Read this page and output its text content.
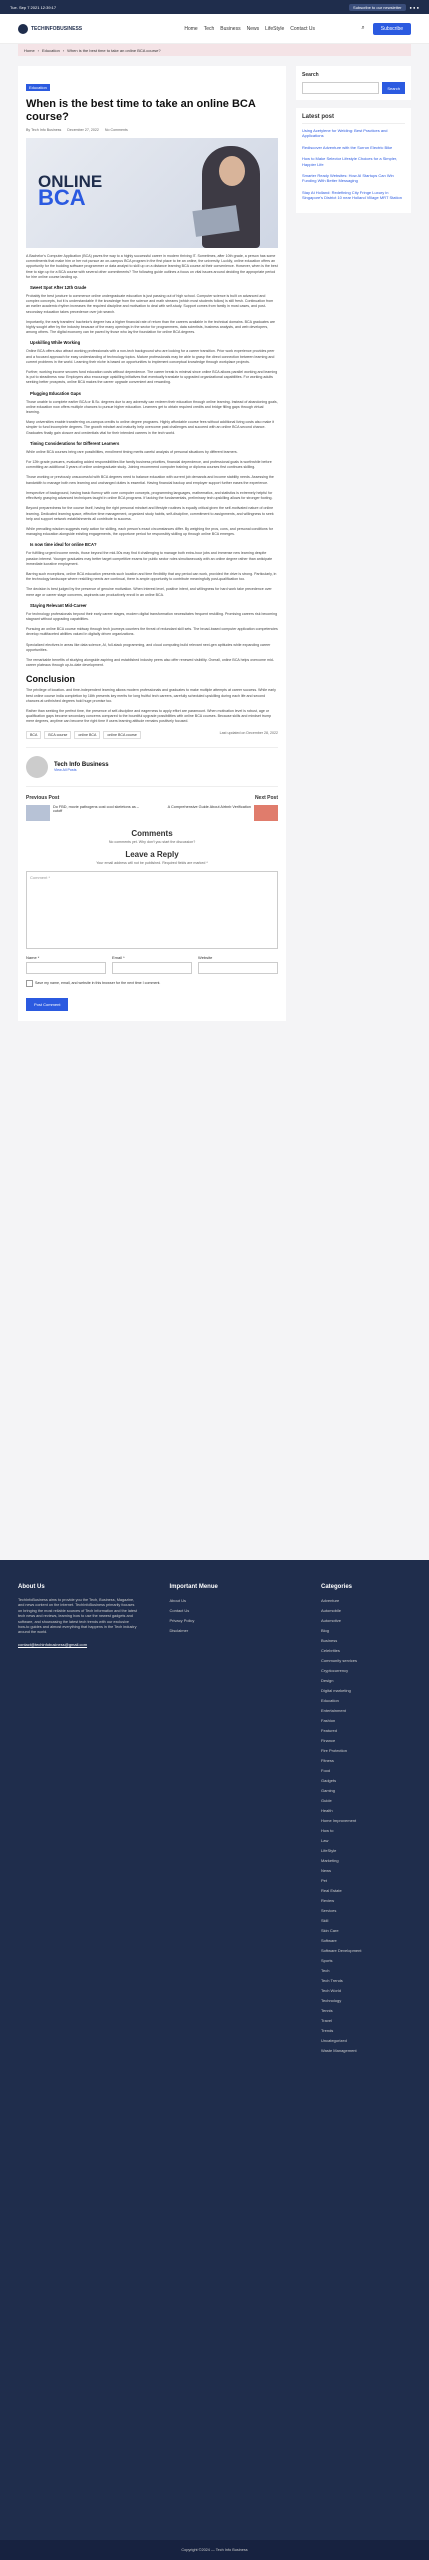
Tue. Sep 7 2021 12:39:17	Subscribe to our newsletter	● ● ●
TECHINFOBUSINESS	Home Tech Business News LifeStyle Contact Us	⌕	Subscribe
Home › Education › When is the best time to take an online BCA course?
Education
When is the best time to take an online BCA course?
By Tech Info Business December 27, 2022 No Comments
ONLINE
BCA

A Bachelor's Computer Application (BCA) paves the way to a highly successful career in modern thriving IT. Sometimes, after 10th grade, a person has some commitments that make him or her not pursue an on-campus BCA program in the first place to be an online, the university. Luckily, online education offers an opportunity for the budding software programmer or data analyst to skill up on a distance learning BCA course at their convenience. However, when is the best time to sign up for a BCA course with several other commitments? The following guide outlines a focus on vital issues around deciding the appropriate period for hire online course landing up.

Sweet Spot After 12th Grade

Probably the best juncture to commence online undergraduate education is just passing out of high school. Computer science is built on advanced and complex concepts, but it is understandable if the knowledge from the science and math streams (which most students follow) is still fresh. Continuation from an earlier academic rhythm increases the required discipline and motivation to deal with self-study. Support comes from family in most cases, and post-secondary education takes precedence over job search.

Importantly, the early transfers' bachelor's degree has a higher financial rate of return than the careers available in the technical domains. BCA graduates are highly sought after by the industry because of the many openings in the sector for programmers, data scientists, business analysts, and web developers, among others. The digital economy can be paved by those who lay the foundation for online BCA degrees.

Upskilling While Working

Online BCA offers also attract working professionals with a non-tech background who are looking for a career transition. Prior work experience provides peer and a focused approach for easy understanding of technology topics. Mature professionals may be able to grasp the direct connection between learning and current problems in the world. Learning their niche is based on opportunities to implement conceptual knowledge through workplace projects.

Further, working income secures fund education costs without dependence. The career break is minimal since online BCA allows parallel working and learning is put to steadiness now. Employers also encourage upskilling initiatives that eventually translate to upgraded organizational capabilities. For working adults seeking better prospects, online BCA makes the career upgrade convenient and rewarding.

Plugging Education Gaps

Those unable to complete earlier BCA or B.Sc. degrees due to any adversity can redeem their education through online learning. Instead of abandoning goals, online education now offers multiple chances to pursue higher education. Learners get to obtain required credits and bridge filling gaps through virtual learning.

Many universities enable transferring on-campus credits to online degree programs. Highly affordable course fees without additional living costs also make it simpler to fund incomplete degrees. The growth mindset and maturity help overcome past challenges and succeed with an online BCA second chance. Graduates finally gain closure and credentials vital for their intended careers in the tech world.

Timing Considerations for Different Learners

While online BCA courses bring rare possibilities, enrollment timing merits careful analysis of personal situations by different learners.

For 12th grade pursuers, evaluating added responsibilities like family business priorities, financial dependence, and professional goals is worthwhile before committing an additional 3 years of online undergraduate study. Joining recommend computer training or diploma courses first continues skilling.

Those working or previously unsuccessful with BCA degrees need to balance education with current job demands and income stability needs. Assessing the bandwidth to manage both new learning and unchanged duties is essential. Having financial backup and employer support further eases the experience.

Irrespective of background, having basic fluency with core computer concepts, programming languages, mathematics, and statistics is extremely helpful for effectively grasping advanced techniques taught in online BCA programs. If lacking the fundamentals, preliminary tech upskilling allows for stronger footing.

Beyond preparedness for the course itself, having the right personal mindset and lifestyle routines is equally critical given the self-motivated nature of online learning. Dedicated learning space, effective time management, organized study habits, self-discipline, commitment to assignments, and willingness to seek help and support network establishments all contribute to success.

While prevailing wisdom suggests early action for skilling, each person's exact circumstances differ. By weighing the pros, cons, and personal conditions for managing education alongside existing engagements, the opportune period for responsibly skilling up through online BCA emerges.

Is now time ideal for online BCA?

For fulfilling urgent income needs, those beyond the mid-50s may find it challenging to manage both extra-hour jobs and immense new learning despite passion interest. Younger graduates may better target competitive exams for public sector roles simultaneously with an online degree rather than anticipate immediate lucrative employment.

Barring such exceptions, online BCA education presents such location and time flexibility that any period can work, provided the drive is strong. Particularly, in the technology landscape where reskilling needs are continual, there is ample opportunity to contribute meaningfully post-qualification too.

The decision is best judged by the presence of genuine motivation. When interest level, positive intent, and willingness for hard work take precedence over mere age or career stage concerns, aspirants can productively enroll in an online BCA.

Staying Relevant Mid-Career

For technology professionals beyond their early career stages, modern digital transformation necessitates frequent reskilling. Promising careers risk becoming stagnant without upgrading capabilities.

Pursuing an online BCA course midway through tech journeys counters the threat of redundant skill sets. The broad-based computer application competencies develop multifaceted abilities valued in digitally driven organizations.

Specialized electives in areas like data science, AI, full-stack programming, and cloud computing build relevant next-gen aptitudes while expanding career opportunities.

The remarkable benefits of studying alongside aspiring and established industry peers also offer renewed visibility. Overall, online BCA helps overcome mid-career plateaus through up-to-date development.

Conclusion

The privilege of location- and time-independent learning allows modern professionals and graduates to make multiple attempts at career success. While early best online course india completion by 18th presents key merits for long fruitful tech careers, carefully scheduled upskilling during each life and second chances at unfinished degrees hold huge promise too.

Rather than seeking the perfect time, the presence of self-discipline and eagerness to apply effort are paramount. When motivation level is robust, age or qualification gaps become secondary concerns compared to the bountiful upgrade possibilities with online BCA courses. Because skills and mindset trump mere degrees, anytime can become the right time if users learning attitude remains positively focused.

BCA	BCA course	online BCA	online BCA course	Last updated on December 28, 2022
Tech Info Business
View All Posts
Previous Post	Next Post
Do FBD, movie pathogens cost cool skeletons as – cutoff
A Comprehensive Guide About Airbnb Verification
Comments
No comments yet. Why don't you start the discussion?
Leave a Reply
Your email address will not be published. Required fields are marked *
Comment *
Name *	Email *	Website
Save my name, email, and website in this browser for the next time I comment.
Post Comment
Search
Search
Latest post
Using Acetylene for Welding: Best Practices and Applications
Rediscover Adventure with the Surron Electric Bike
How to Make Selector Lifestyle Choices for a Simpler, Happier Life
Smarter Ready Websites: How AI Startups Can Win Funding With Better Messaging
Stay At Holland: Redefining City Fringe Luxury in Singapore's District 10 near Holland Village MRT Station
About Us
TechInfoBusiness aims to provide you the Tech, Business, Magazine, and news content on the internet. TechInfoBusiness primarily focuses on bringing the most reliable sources of Tech information and the latest tech news and reviews, learning how to use the newest gadgets and software, and showcasing the latest tech trends with our exclusive how-to guides and almost everything that happens in the Tech industry around the world.
contact@techinfobusiness@gmail.com
Important Menue
About Us
Contact Us
Privacy Policy
Disclaimer
Categories
Adventure
Automobile
Automotive
Blog
Business
Celebrities
Community services
Cryptocurrency
Design
Digital marketing
Education
Entertainment
Fashion
Featured
Finance
Fire Protection
Fitness
Food
Gadgets
Gaming
Guide
Health
Home Improvement
How to
Law
LifeStyle
Marketing
News
Pet
Real Estate
Review
Services
Skill
Skin Care
Software
Software Development
Sports
Tech
Tech Trends
Tech World
Technology
Tennis
Travel
Trends
Uncategorized
Waste Management
Copyright ©2024 — Tech Info Business
